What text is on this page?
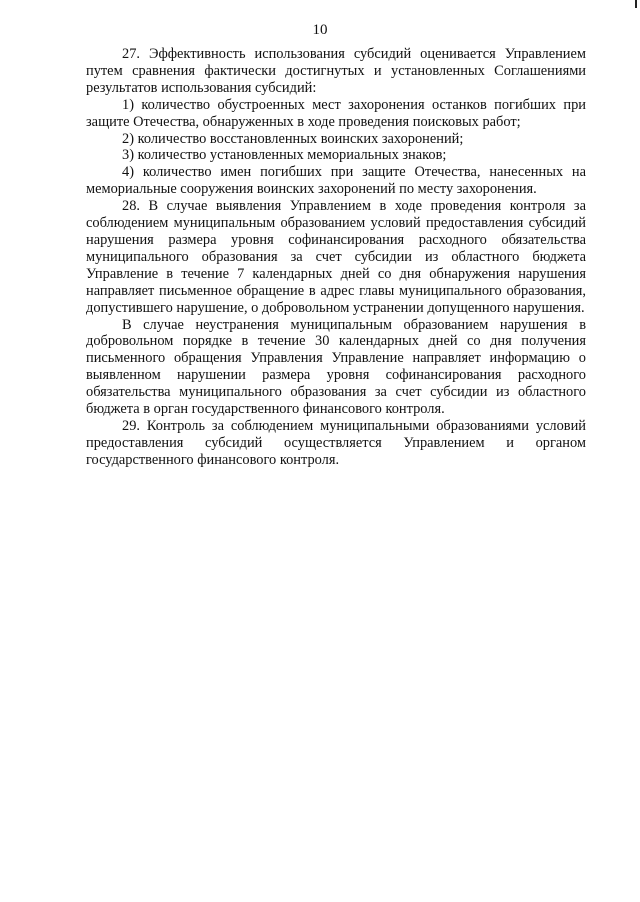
10

27. Эффективность использования субсидий оценивается Управлением путем сравнения фактически достигнутых и установленных Соглашениями результатов использования субсидий:

1) количество обустроенных мест захоронения останков погибших при защите Отечества, обнаруженных в ходе проведения поисковых работ;

2) количество восстановленных воинских захоронений;

3) количество установленных мемориальных знаков;

4) количество имен погибших при защите Отечества, нанесенных на мемориальные сооружения воинских захоронений по месту захоронения.

28. В случае выявления Управлением в ходе проведения контроля за соблюдением муниципальным образованием условий предоставления субсидий нарушения размера уровня софинансирования расходного обязательства муниципального образования за счет субсидии из областного бюджета Управление в течение 7 календарных дней со дня обнаружения нарушения направляет письменное обращение в адрес главы муниципального образования, допустившего нарушение, о добровольном устранении допущенного нарушения.

В случае неустранения муниципальным образованием нарушения в добровольном порядке в течение 30 календарных дней со дня получения письменного обращения Управления Управление направляет информацию о выявленном нарушении размера уровня софинансирования расходного обязательства муниципального образования за счет субсидии из областного бюджета в орган государственного финансового контроля.

29. Контроль за соблюдением муниципальными образованиями условий предоставления субсидий осуществляется Управлением и органом государственного финансового контроля.
